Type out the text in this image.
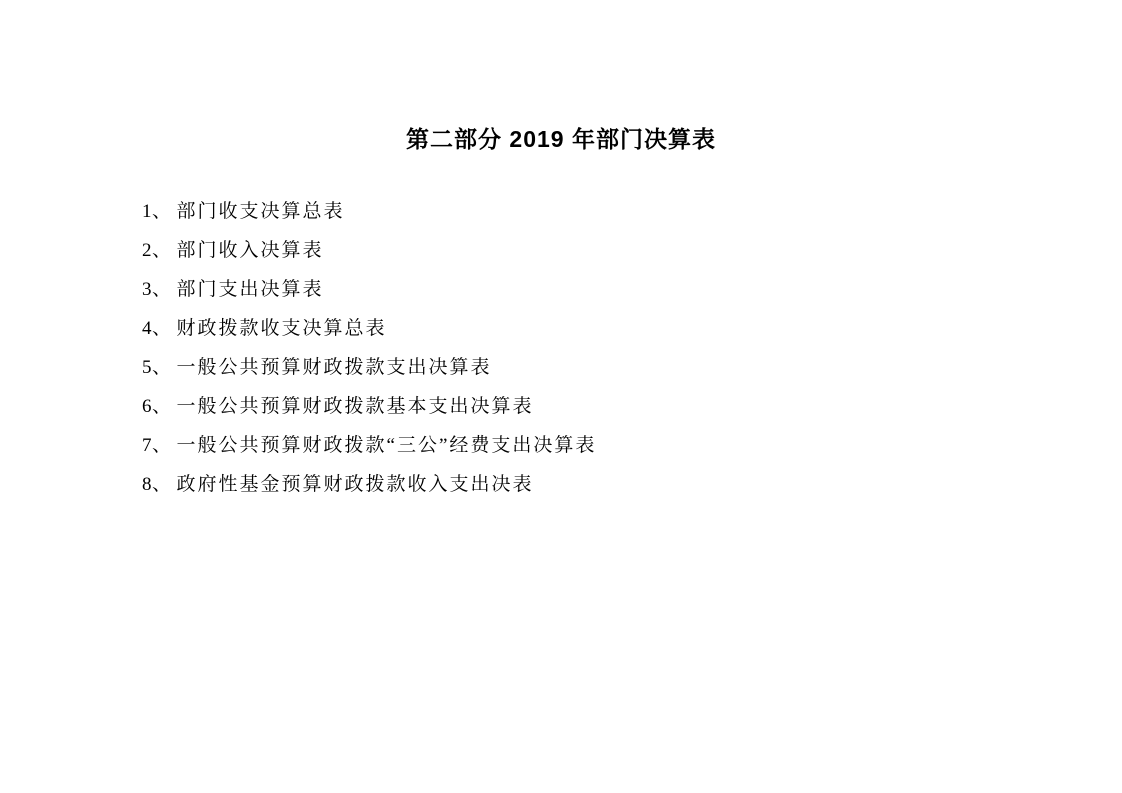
第二部分 2019 年部门决算表
1、 部门收支决算总表
2、 部门收入决算表
3、 部门支出决算表
4、 财政拨款收支决算总表
5、 一般公共预算财政拨款支出决算表
6、 一般公共预算财政拨款基本支出决算表
7、 一般公共预算财政拨款“三公”经费支出决算表
8、 政府性基金预算财政拨款收入支出决表
